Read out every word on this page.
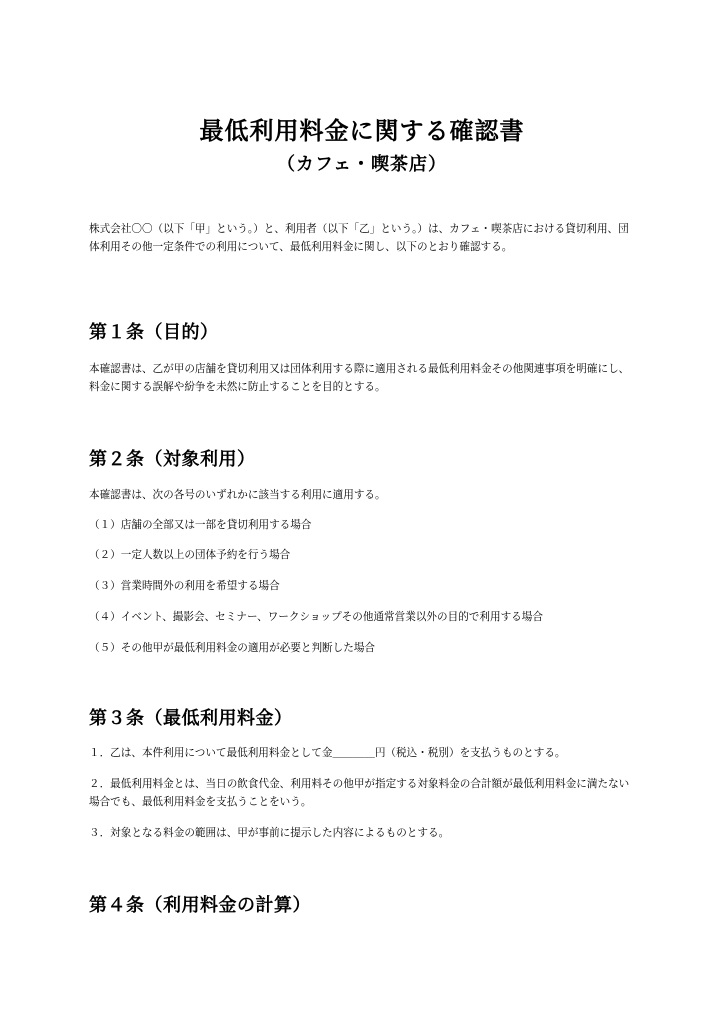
最低利用料金に関する確認書
（カフェ・喫茶店）

株式会社〇〇（以下「甲」という。）と、利用者（以下「乙」という。）は、カフェ・喫茶店における貸切利用、団体利用その他一定条件での利用について、最低利用料金に関し、以下のとおり確認する。

第１条（目的）

本確認書は、乙が甲の店舗を貸切利用又は団体利用する際に適用される最低利用料金その他関連事項を明確にし、料金に関する誤解や紛争を未然に防止することを目的とする。

第２条（対象利用）

本確認書は、次の各号のいずれかに該当する利用に適用する。

（１）店舗の全部又は一部を貸切利用する場合

（２）一定人数以上の団体予約を行う場合

（３）営業時間外の利用を希望する場合

（４）イベント、撮影会、セミナー、ワークショップその他通常営業以外の目的で利用する場合

（５）その他甲が最低利用料金の適用が必要と判断した場合

第３条（最低利用料金）

１．乙は、本件利用について最低利用料金として金＿＿＿＿円（税込・税別）を支払うものとする。

２．最低利用料金とは、当日の飲食代金、利用料その他甲が指定する対象料金の合計額が最低利用料金に満たない場合でも、最低利用料金を支払うことをいう。

３．対象となる料金の範囲は、甲が事前に提示した内容によるものとする。

第４条（利用料金の計算）
